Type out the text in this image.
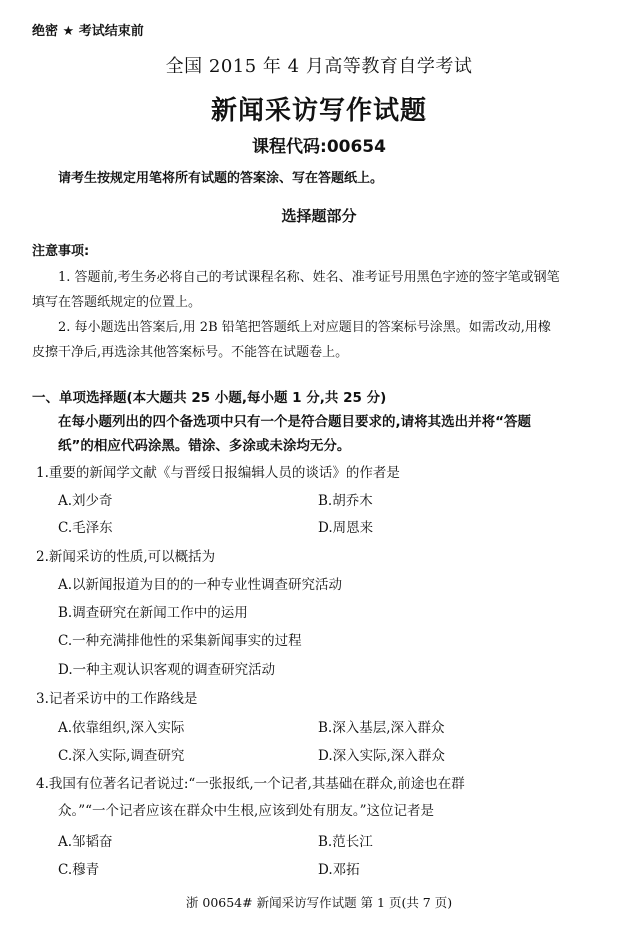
绝密 ★ 考试结束前
全国 2015 年 4 月高等教育自学考试
新闻采访写作试题
课程代码:00654
请考生按规定用笔将所有试题的答案涂、写在答题纸上。
选择题部分
注意事项:
1. 答题前,考生务必将自己的考试课程名称、姓名、准考证号用黑色字迹的签字笔或钢笔
填写在答题纸规定的位置上。
2. 每小题选出答案后,用 2B 铅笔把答题纸上对应题目的答案标号涂黑。如需改动,用橡
皮擦干净后,再选涂其他答案标号。不能答在试题卷上。
一、单项选择题(本大题共 25 小题,每小题 1 分,共 25 分)
在每小题列出的四个备选项中只有一个是符合题目要求的,请将其选出并将“答题
纸”的相应代码涂黑。错涂、多涂或未涂均无分。
1.重要的新闻学文献《与晋绥日报编辑人员的谈话》的作者是
A.刘少奇	B.胡乔木
C.毛泽东	D.周恩来
2.新闻采访的性质,可以概括为
A.以新闻报道为目的的一种专业性调查研究活动
B.调查研究在新闻工作中的运用
C.一种充满排他性的采集新闻事实的过程
D.一种主观认识客观的调查研究活动
3.记者采访中的工作路线是
A.依靠组织,深入实际	B.深入基层,深入群众
C.深入实际,调查研究	D.深入实际,深入群众
4.我国有位著名记者说过:“一张报纸,一个记者,其基础在群众,前途也在群
众。”“一个记者应该在群众中生根,应该到处有朋友。”这位记者是
A.邹韬奋	B.范长江
C.穆青	D.邓拓
浙 00654# 新闻采访写作试题 第 1 页(共 7 页)
